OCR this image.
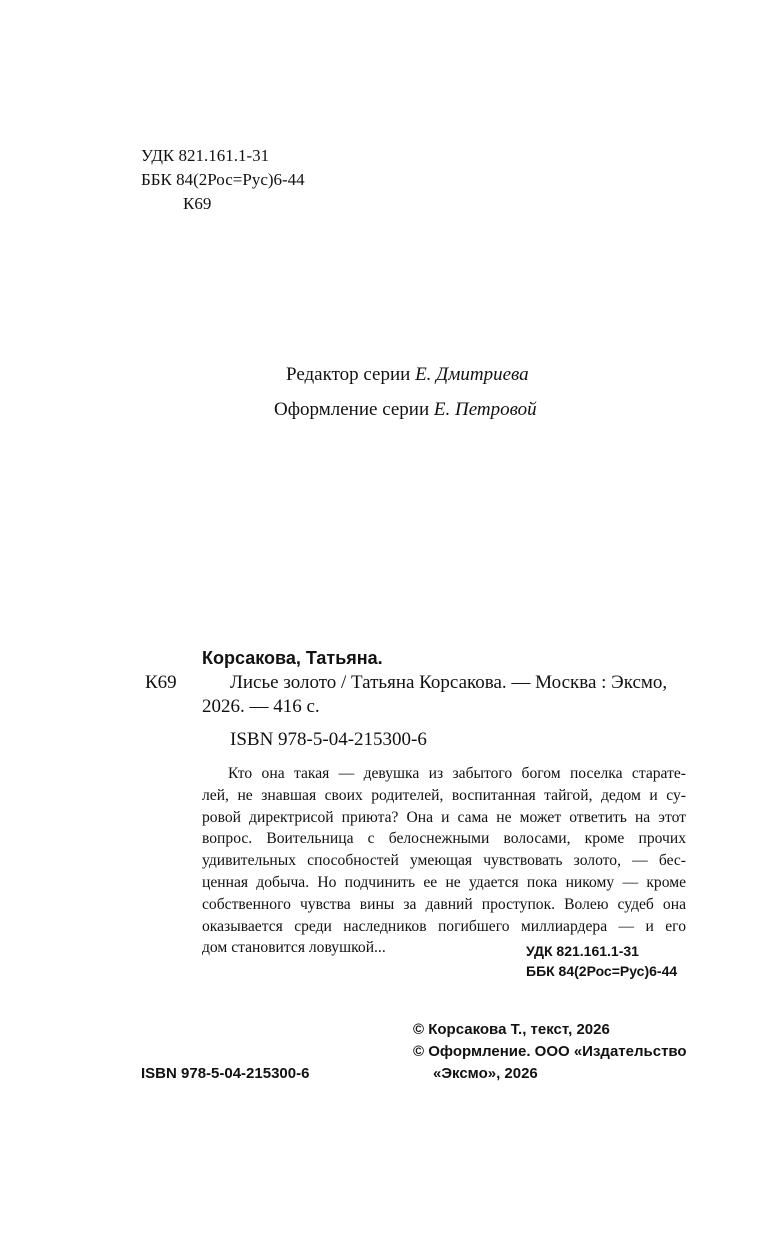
УДК 821.161.1-31
ББК 84(2Рос=Рус)6-44
К69
Редактор серии Е. Дмитриева
Оформление серии Е. Петровой
Корсакова, Татьяна.
К69	Лисье золото / Татьяна Корсакова. — Москва : Эксмо,
2026. — 416 с.
ISBN 978-5-04-215300-6
Кто она такая — девушка из забытого богом поселка старате-
лей, не знавшая своих родителей, воспитанная тайгой, дедом и су-
ровой директрисой приюта? Она и сама не может ответить на этот
вопрос. Воительница с белоснежными волосами, кроме прочих
удивительных способностей умеющая чувствовать золото, — бес-
ценная добыча. Но подчинить ее не удается пока никому — кроме
собственного чувства вины за давний проступок. Волею судеб она
оказывается среди наследников погибшего миллиардера — и его
дом становится ловушкой...	УДК 821.161.1-31
ББК 84(2Рос=Рус)6-44
© Корсакова Т., текст, 2026
© Оформление. ООО «Издательство
«Эксмо», 2026
ISBN 978-5-04-215300-6
